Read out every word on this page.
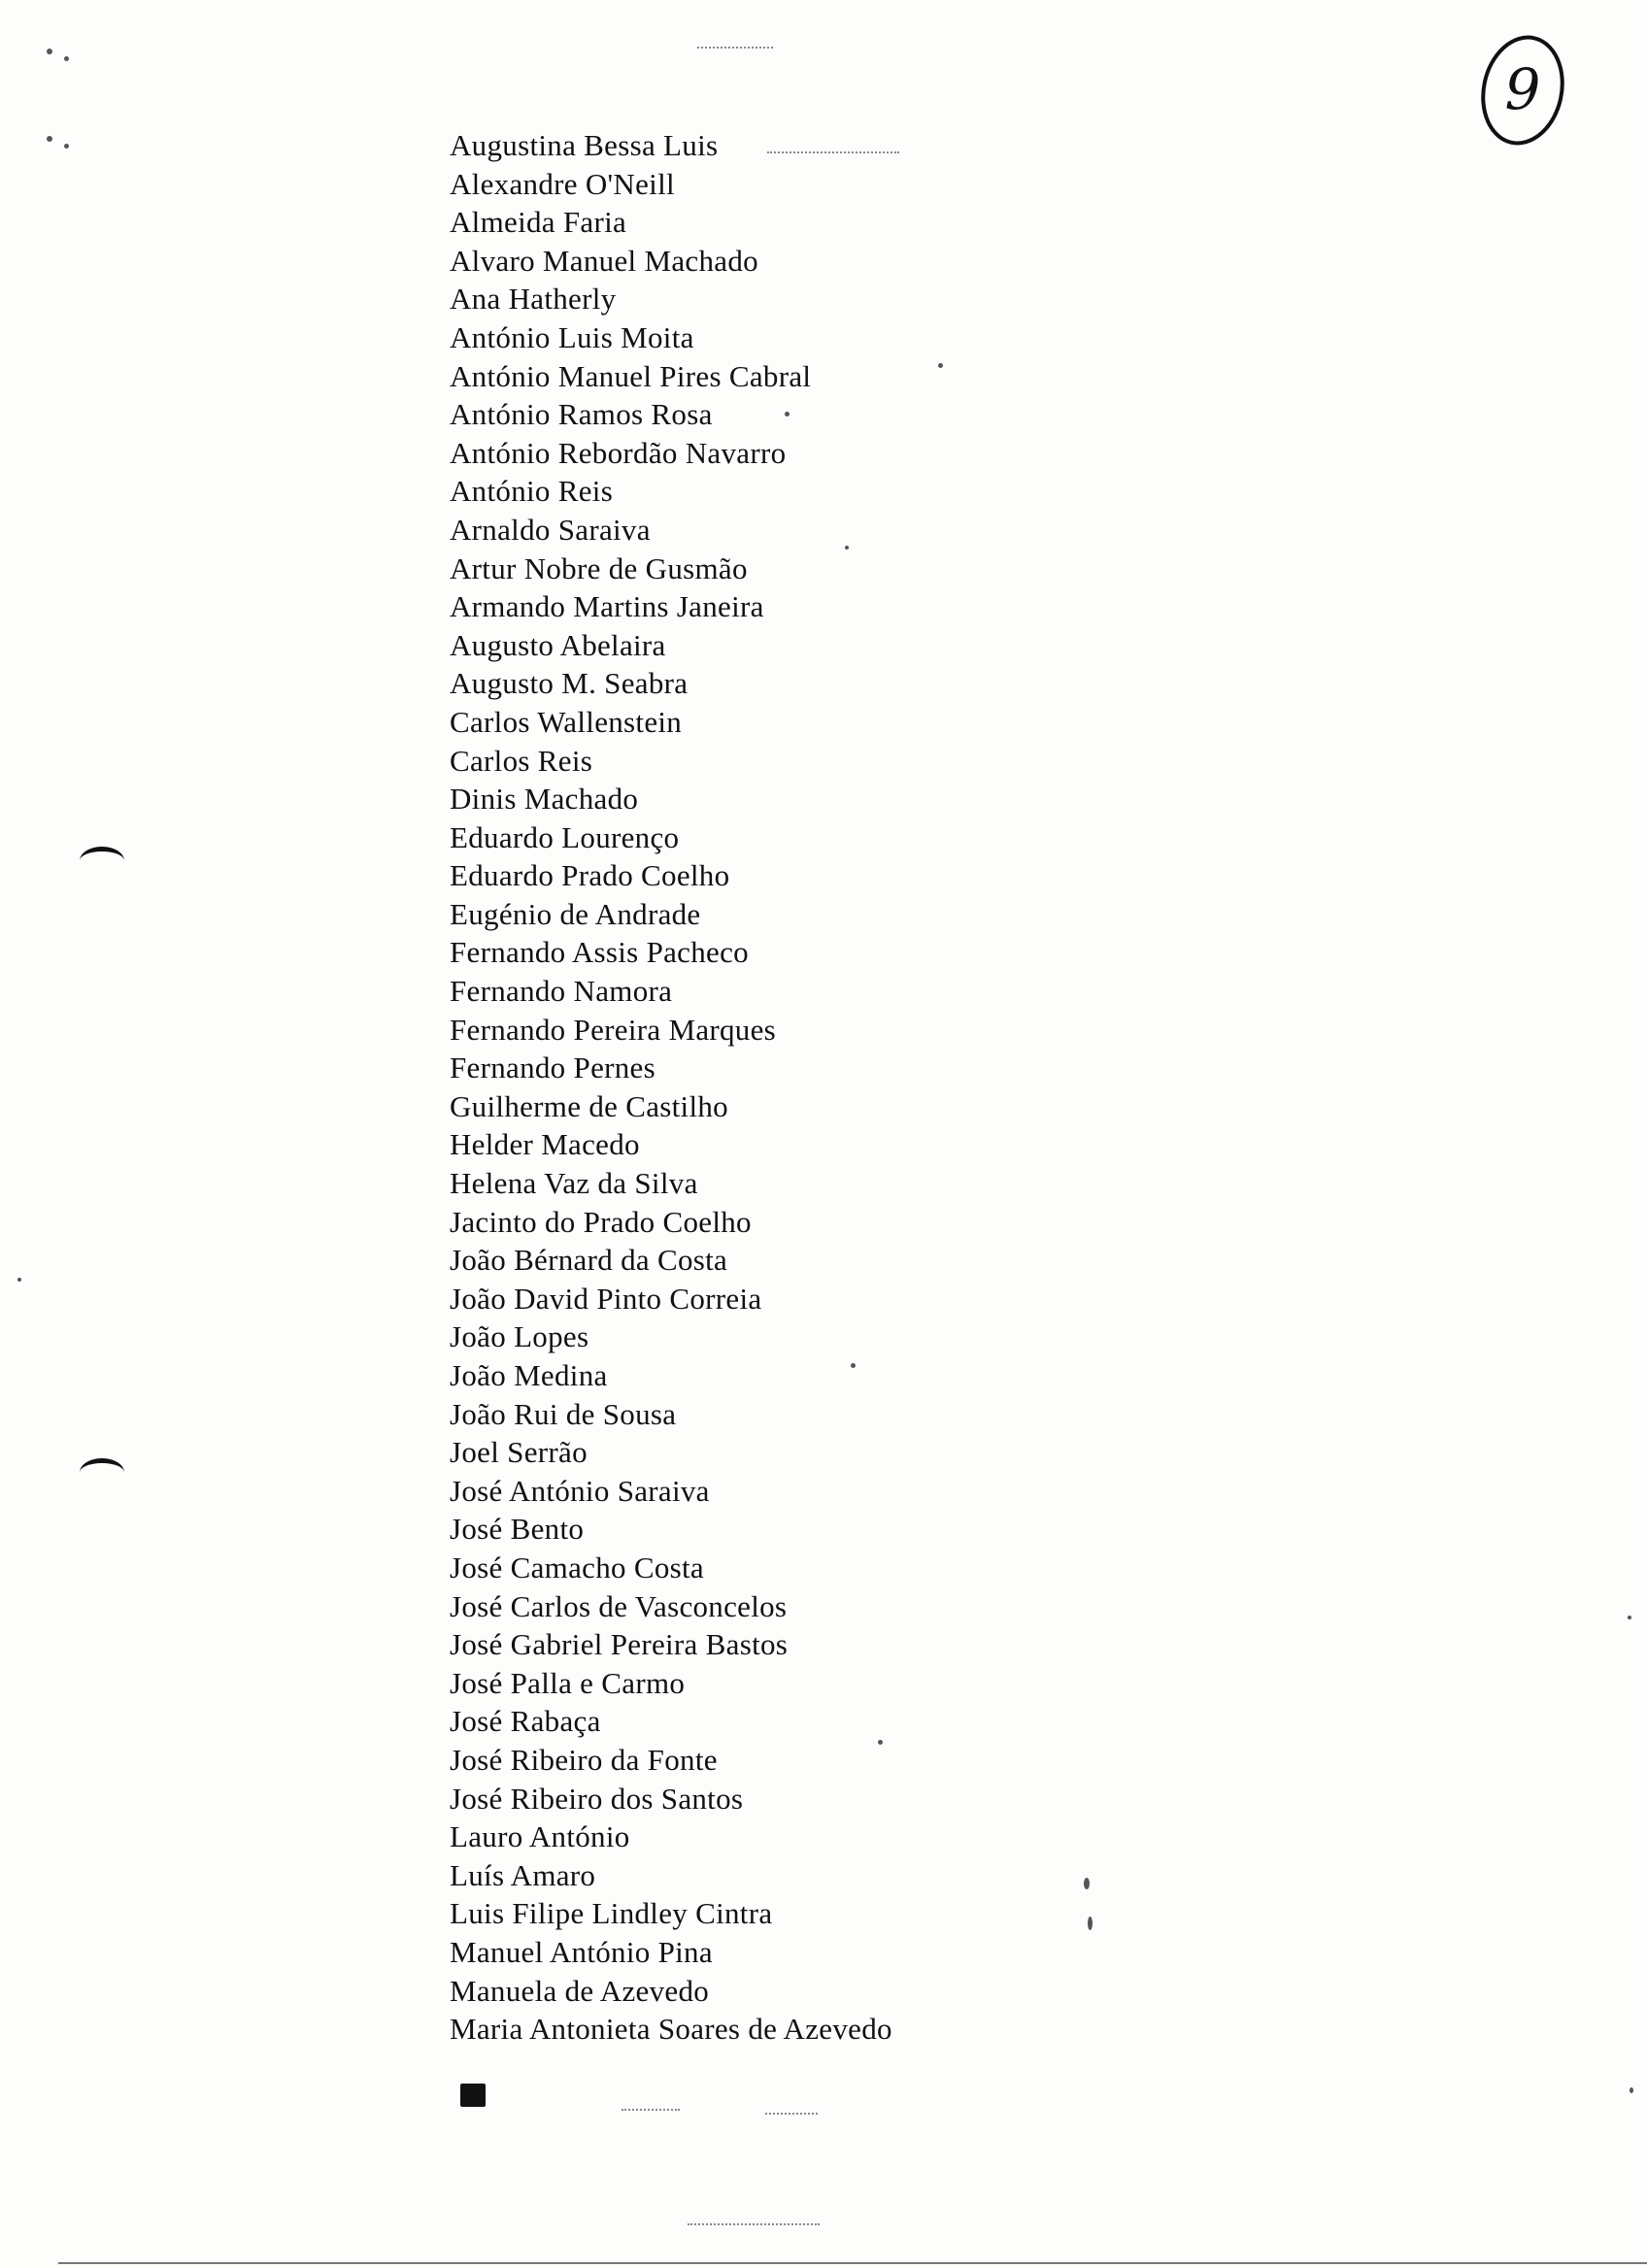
9
Augustina Bessa Luis
Alexandre O'Neill
Almeida Faria
Alvaro Manuel Machado
Ana Hatherly
António Luis Moita
António Manuel Pires Cabral
António Ramos Rosa
António Rebordão Navarro
António Reis
Arnaldo Saraiva
Artur Nobre de Gusmão
Armando Martins Janeira
Augusto Abelaira
Augusto M. Seabra
Carlos Wallenstein
Carlos Reis
Dinis Machado
Eduardo Lourenço
Eduardo Prado Coelho
Eugénio de Andrade
Fernando Assis Pacheco
Fernando Namora
Fernando Pereira Marques
Fernando Pernes
Guilherme de Castilho
Helder Macedo
Helena Vaz da Silva
Jacinto do Prado Coelho
João Bérnard da Costa
João David Pinto Correia
João Lopes
João Medina
João Rui de Sousa
Joel Serrão
José António Saraiva
José Bento
José Camacho Costa
José Carlos de Vasconcelos
José Gabriel Pereira Bastos
José Palla e Carmo
José Rabaça
José Ribeiro da Fonte
José Ribeiro dos Santos
Lauro António
Luís Amaro
Luis Filipe Lindley Cintra
Manuel António Pina
Manuela de Azevedo
Maria Antonieta Soares de Azevedo
